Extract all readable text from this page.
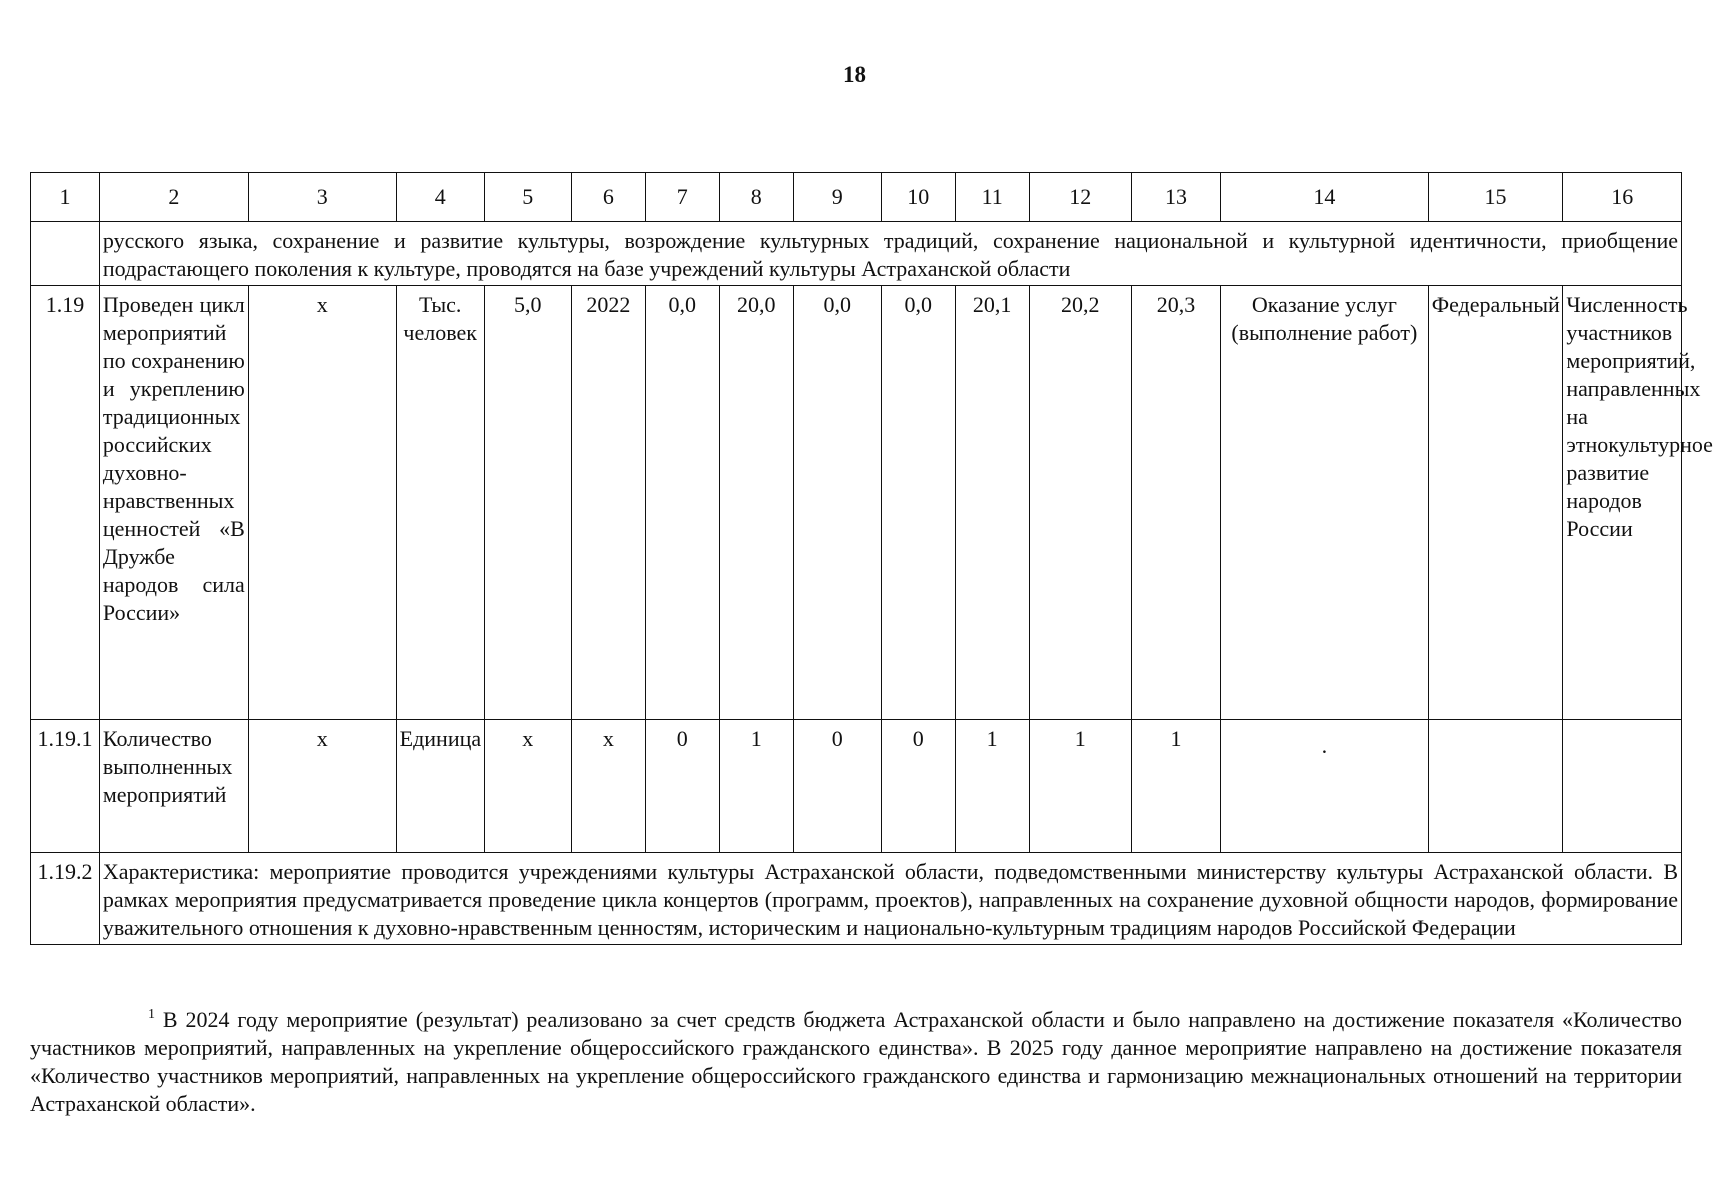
18
1	2	3	4	5	6	7	8	9	10	11	12	13	14	15	16
	русского языка, сохранение и развитие культуры, возрождение культурных традиций, сохранение национальной и культурной идентичности, приобщение подрастающего поколения к культуре, проводятся на базе учреждений культуры Астраханской области														
1.19	Проведен цикл мероприятий по сохранению и укреплению традиционных российских духовно-нравственных ценностей «В Дружбе народов сила России»	x	Тыс. человек	5,0	2022	0,0	20,0	0,0	0,0	20,1	20,2	20,3	Оказание услуг (выполнение работ)	Федеральный	Численность участников мероприятий, направленных на этнокультурное развитие народов России
1.19.1	Количество выполненных мероприятий	x	Единица	x	x	0	1	0	0	1	1	1	·		
1.19.2	Характеристика: мероприятие проводится учреждениями культуры Астраханской области, подведомственными министерству культуры Астраханской области. В рамках мероприятия предусматривается проведение цикла концертов (программ, проектов), направленных на сохранение духовной общности народов, формирование уважительного отношения к духовно-нравственным ценностям, историческим и национально-культурным традициям народов Российской Федерации														
$^1$ В 2024 году мероприятие (результат) реализовано за счет средств бюджета Астраханской области и было направлено на достижение показателя «Количество участников мероприятий, направленных на укрепление общероссийского гражданского единства». В 2025 году данное мероприятие направлено на достижение показателя «Количество участников мероприятий, направленных на укрепление общероссийского гражданского единства и гармонизацию межнациональных отношений на территории Астраханской области».
